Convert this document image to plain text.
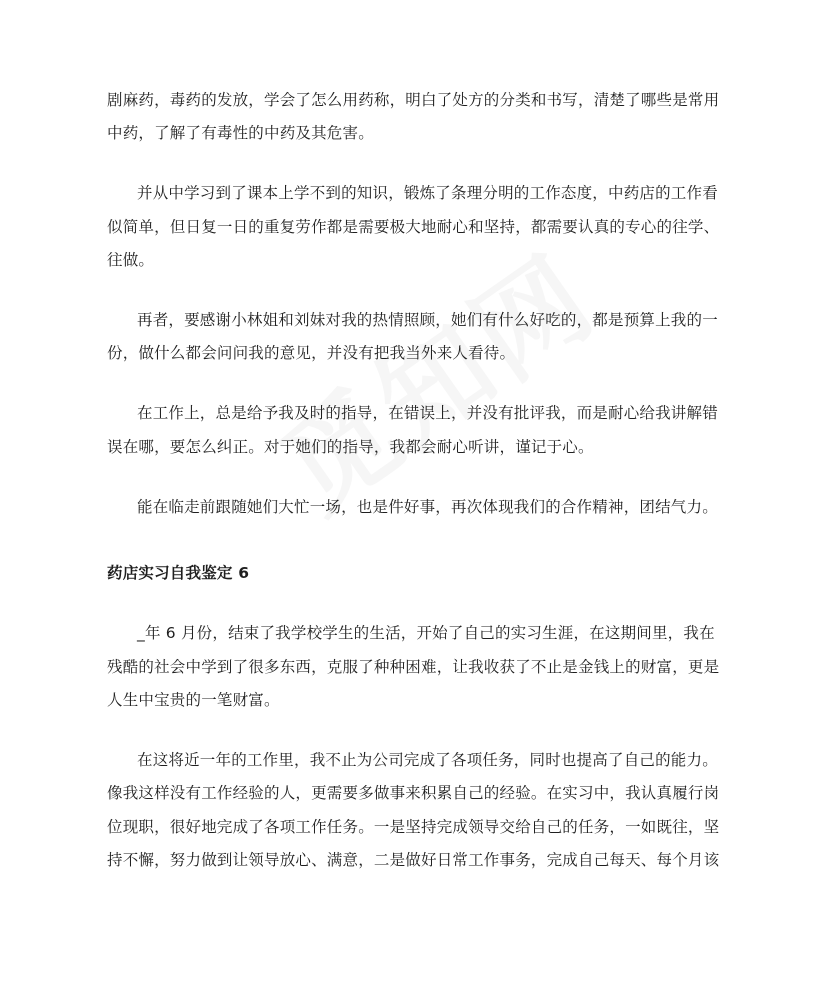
剧麻药，毒药的发放，学会了怎么用药称，明白了处方的分类和书写，清楚了哪些是常用
中药，了解了有毒性的中药及其危害。
并从中学习到了课本上学不到的知识，锻炼了条理分明的工作态度，中药店的工作看
似简单，但日复一日的重复劳作都是需要极大地耐心和坚持，都需要认真的专心的往学、
往做。
再者，要感谢小林姐和刘妹对我的热情照顾，她们有什么好吃的，都是预算上我的一
份，做什么都会问问我的意见，并没有把我当外来人看待。
在工作上，总是给予我及时的指导，在错误上，并没有批评我，而是耐心给我讲解错
误在哪，要怎么纠正。对于她们的指导，我都会耐心听讲，谨记于心。
能在临走前跟随她们大忙一场，也是件好事，再次体现我们的合作精神，团结气力。
药店实习自我鉴定 6
_年 6 月份，结束了我学校学生的生活，开始了自己的实习生涯，在这期间里，我在
残酷的社会中学到了很多东西，克服了种种困难，让我收获了不止是金钱上的财富，更是
人生中宝贵的一笔财富。
在这将近一年的工作里，我不止为公司完成了各项任务，同时也提高了自己的能力。
像我这样没有工作经验的人，更需要多做事来积累自己的经验。在实习中，我认真履行岗
位现职，很好地完成了各项工作任务。一是坚持完成领导交给自己的任务，一如既往，坚
持不懈，努力做到让领导放心、满意，二是做好日常工作事务，完成自己每天、每个月该
